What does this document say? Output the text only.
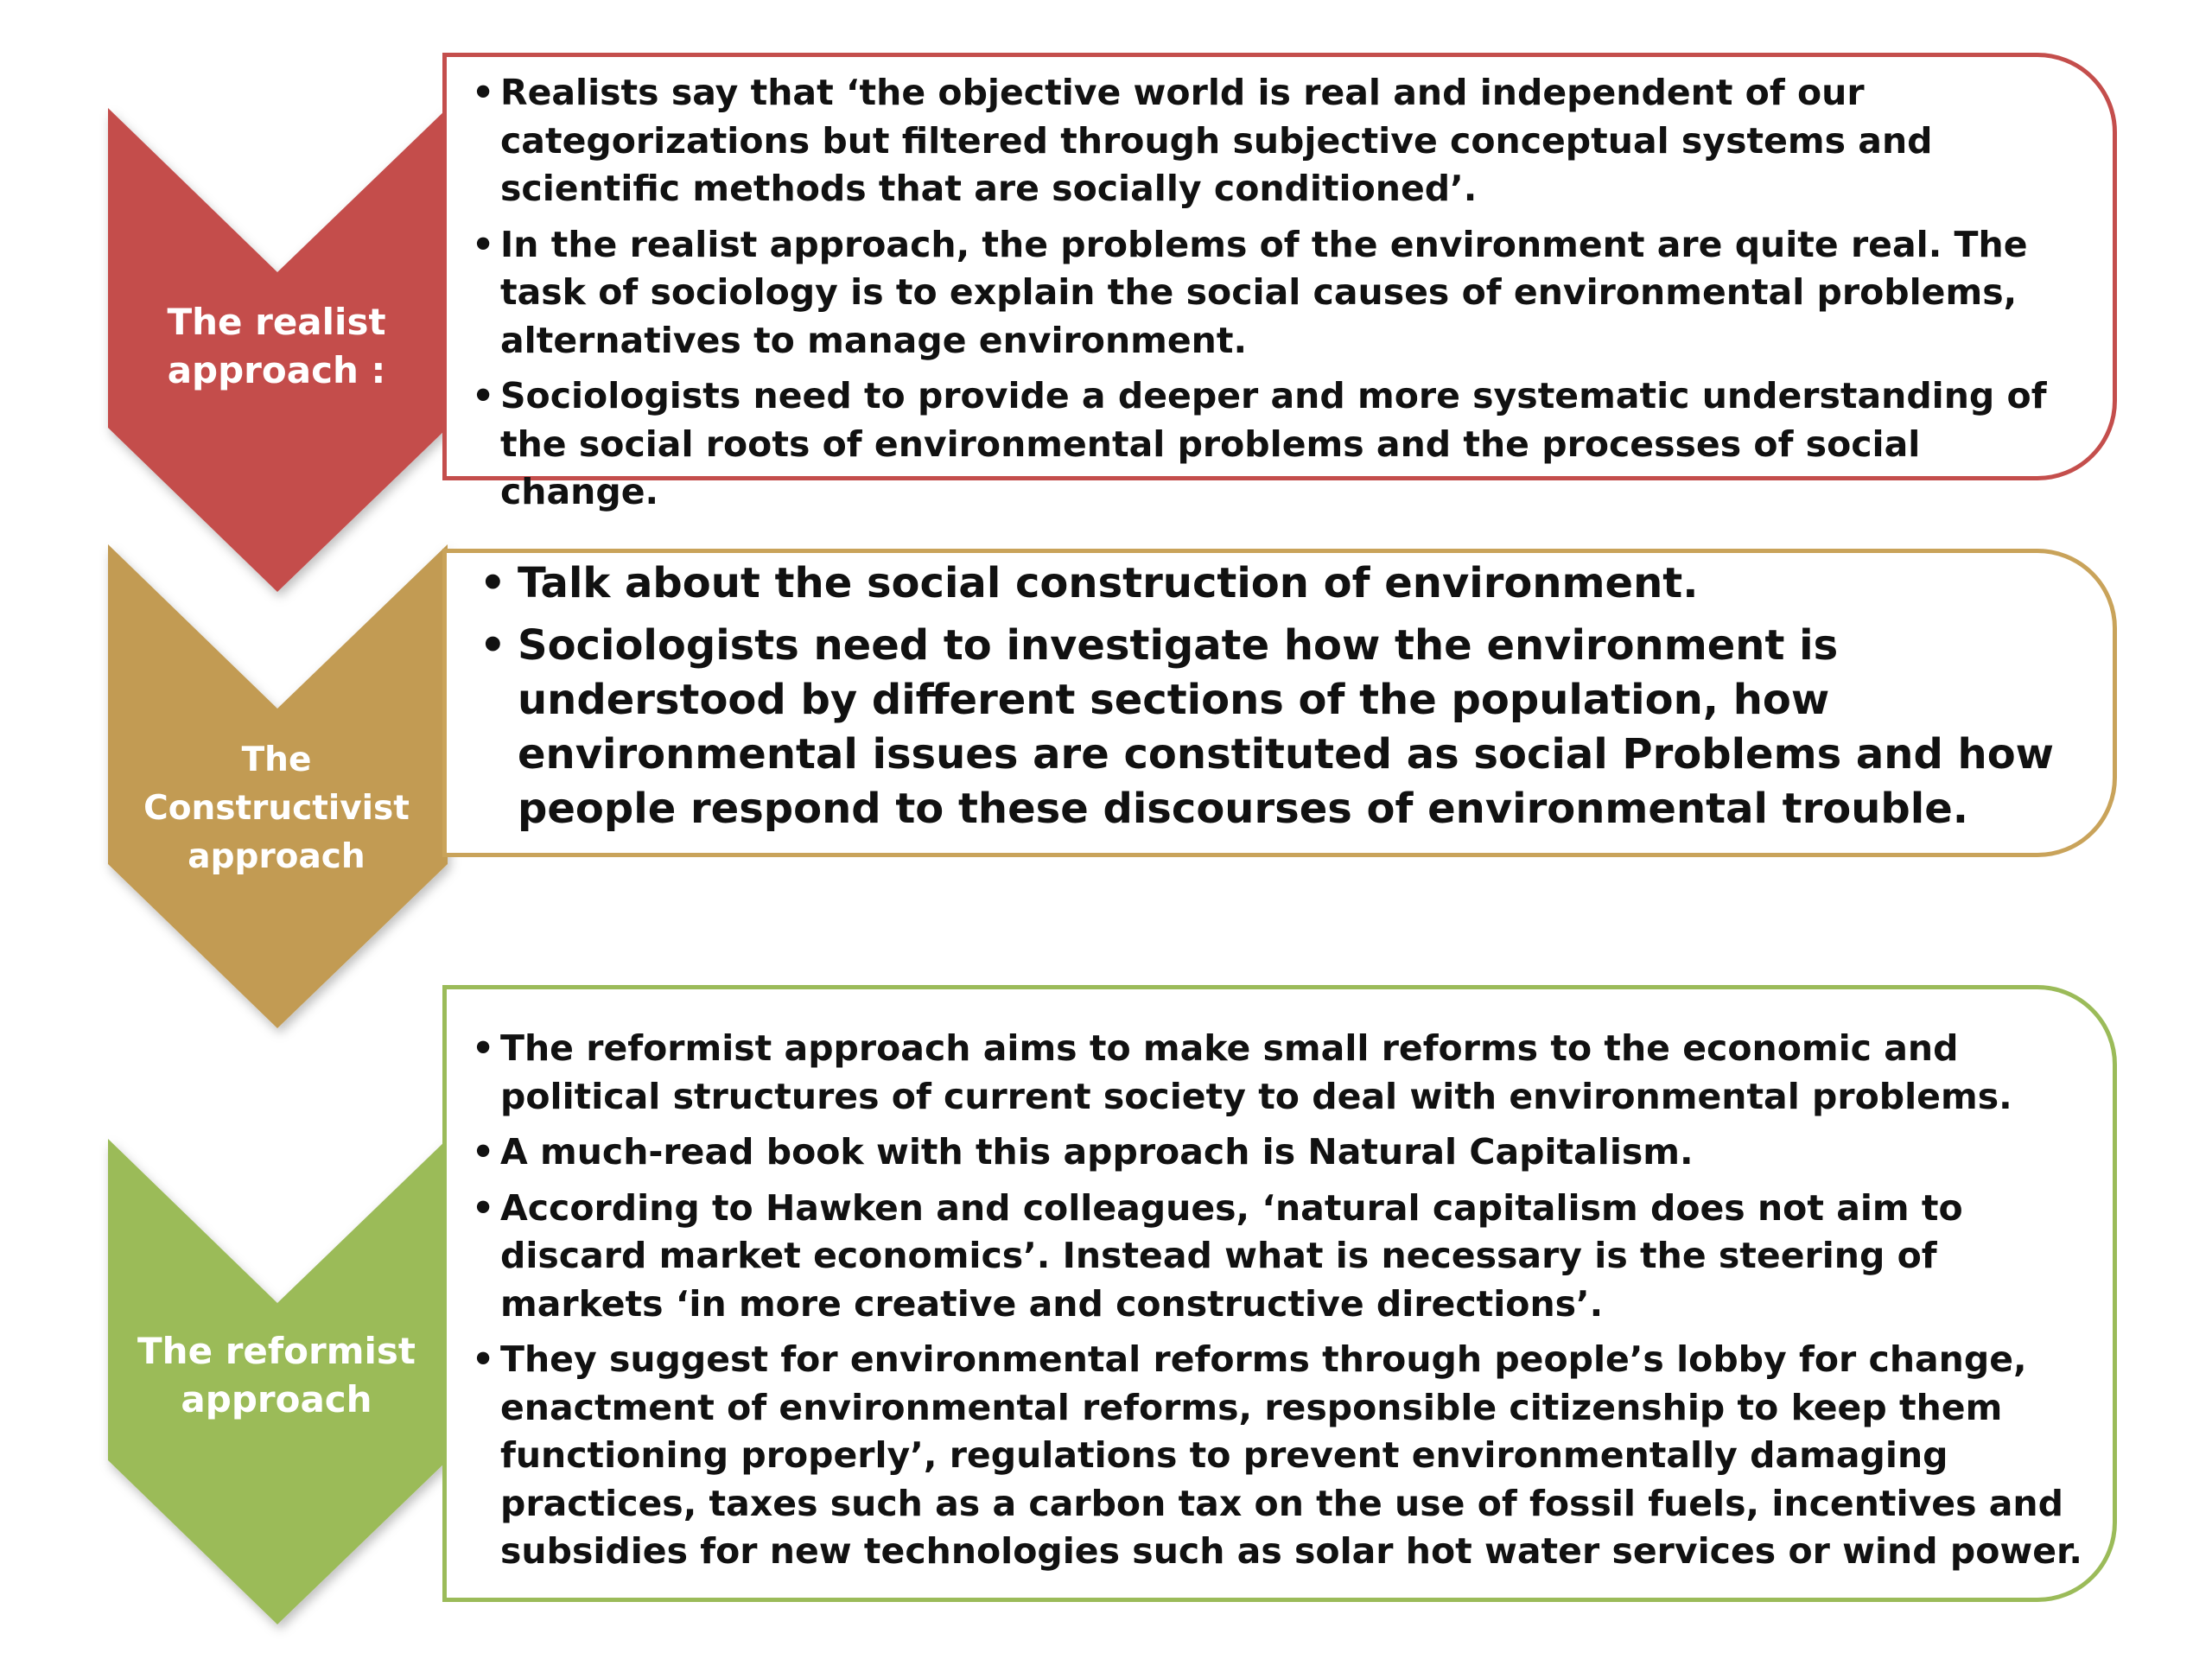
The realist
approach :
The Constructivist
approach
The reformist
approach
• Realists say that ‘the objective world is real and independent of our categorizations but filtered through subjective conceptual systems and scientific methods that are socially conditioned’.
• In the realist approach, the problems of the environment are quite real. The task of sociology is to explain the social causes of environmental problems, alternatives to manage environment.
• Sociologists need to provide a deeper and more systematic understanding of the social roots of environmental problems and the processes of social change.
• Talk about the social construction of environment.
• Sociologists need to investigate how the environment is understood by different sections of the population, how environmental issues are constituted as social Problems and how people respond to these discourses of environmental trouble.
• The reformist approach aims to make small reforms to the economic and political structures of current society to deal with environmental problems.
• A much-read book with this approach is Natural Capitalism.
• According to Hawken and colleagues, ‘natural capitalism does not aim to discard market economics’. Instead what is necessary is the steering of markets ‘in more creative and constructive directions’.
• They suggest for environmental reforms through people’s lobby for change, enactment of environmental reforms, responsible citizenship to keep them functioning properly’, regulations to prevent environmentally damaging practices, taxes such as a carbon tax on the use of fossil fuels, incentives and subsidies for new technologies such as solar hot water services or wind power.
